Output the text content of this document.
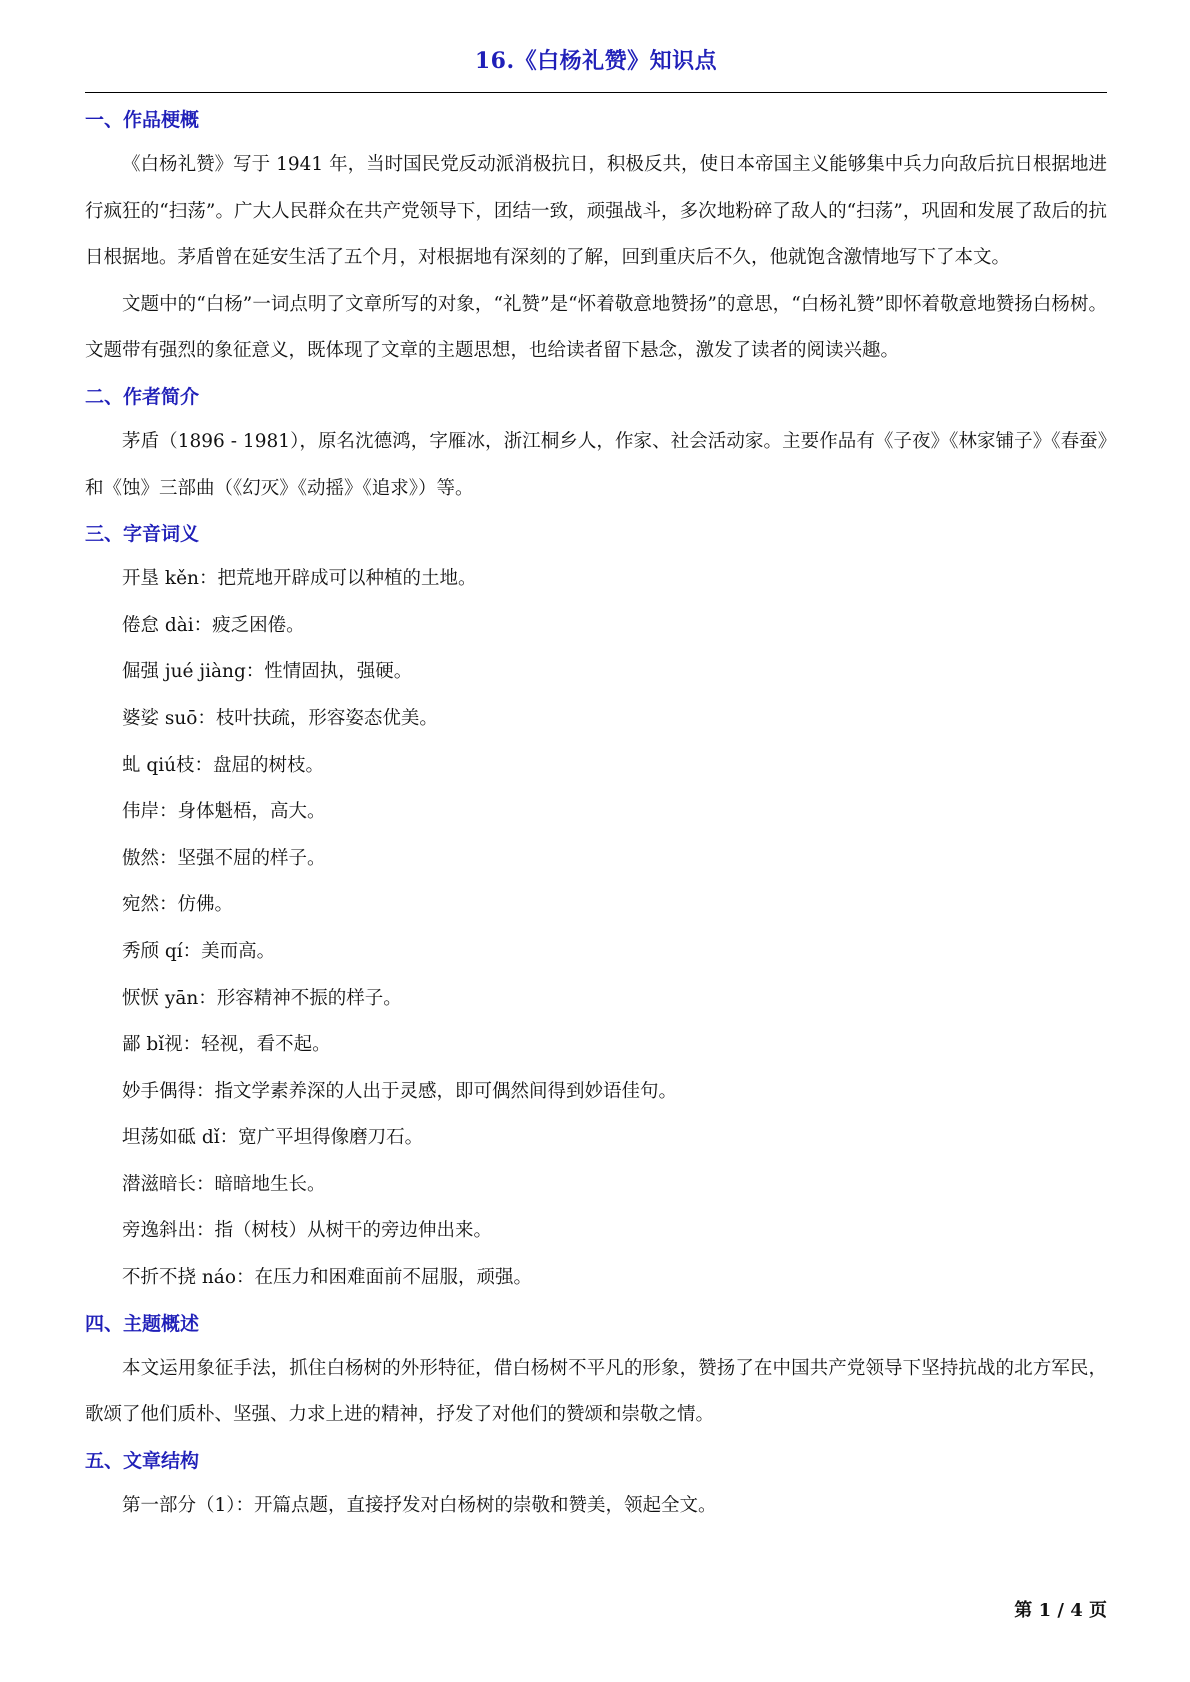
16.《白杨礼赞》知识点
一、作品梗概

《白杨礼赞》写于 1941 年，当时国民党反动派消极抗日，积极反共，使日本帝国主义能够集中兵力向敌后抗日根据地进行疯狂的“扫荡”。广大人民群众在共产党领导下，团结一致，顽强战斗，多次地粉碎了敌人的“扫荡”，巩固和发展了敌后的抗日根据地。茅盾曾在延安生活了五个月，对根据地有深刻的了解，回到重庆后不久，他就饱含激情地写下了本文。

文题中的“白杨”一词点明了文章所写的对象，“礼赞”是“怀着敬意地赞扬”的意思，“白杨礼赞”即怀着敬意地赞扬白杨树。文题带有强烈的象征意义，既体现了文章的主题思想，也给读者留下悬念，激发了读者的阅读兴趣。

二、作者简介

茅盾（1896 - 1981），原名沈德鸿，字雁冰，浙江桐乡人，作家、社会活动家。主要作品有《子夜》《林家铺子》《春蚕》和《蚀》三部曲（《幻灭》《动摇》《追求》）等。

三、字音词义

开垦 kěn：把荒地开辟成可以种植的土地。

倦怠 dài：疲乏困倦。

倔强 jué jiàng：性情固执，强硬。

婆娑 suō：枝叶扶疏，形容姿态优美。

虬 qiú枝：盘屈的树枝。

伟岸：身体魁梧，高大。

傲然：坚强不屈的样子。

宛然：仿佛。

秀颀 qí：美而高。

恹恹 yān：形容精神不振的样子。

鄙 bǐ视：轻视，看不起。

妙手偶得：指文学素养深的人出于灵感，即可偶然间得到妙语佳句。

坦荡如砥 dǐ：宽广平坦得像磨刀石。

潜滋暗长：暗暗地生长。

旁逸斜出：指（树枝）从树干的旁边伸出来。

不折不挠 náo：在压力和困难面前不屈服，顽强。

四、主题概述

本文运用象征手法，抓住白杨树的外形特征，借白杨树不平凡的形象，赞扬了在中国共产党领导下坚持抗战的北方军民，歌颂了他们质朴、坚强、力求上进的精神，抒发了对他们的赞颂和崇敬之情。

五、文章结构

第一部分（1）：开篇点题，直接抒发对白杨树的崇敬和赞美，领起全文。

第 1 / 4 页
